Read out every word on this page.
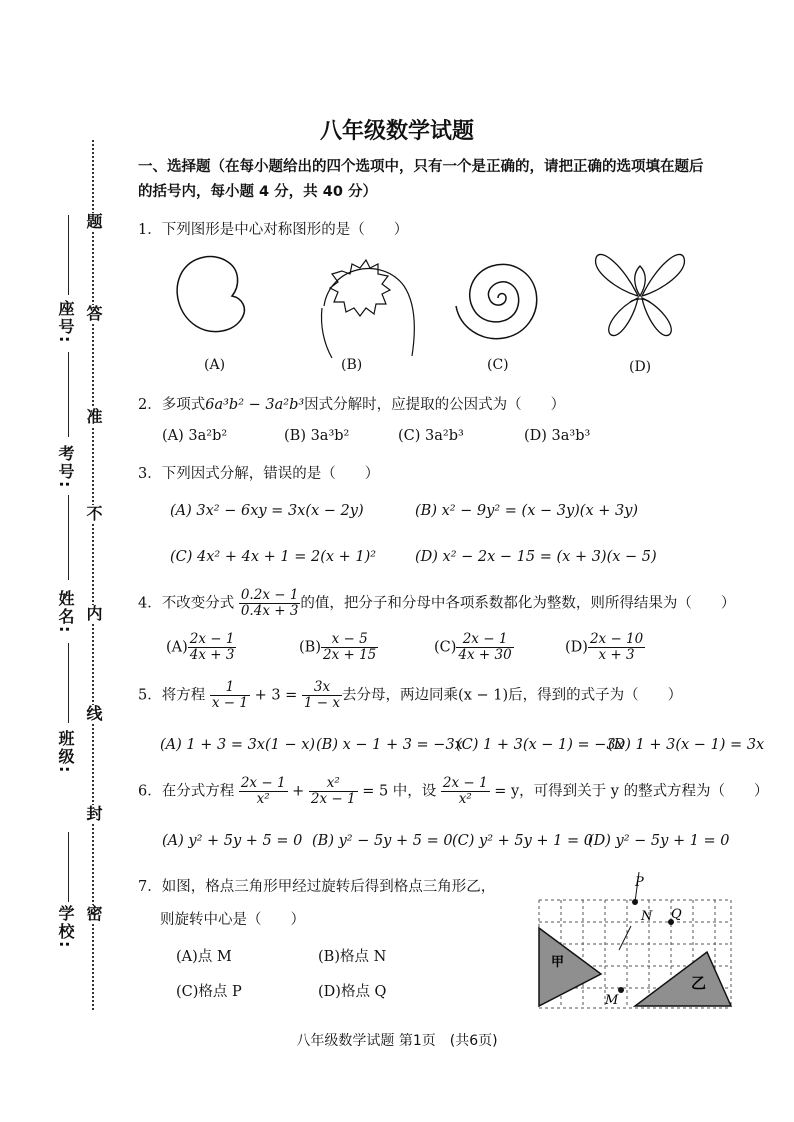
密
封
线
内
不
准
答
题
学校:
班级:
姓名:
考号:
座号:
八年级数学试题
一、选择题（在每小题给出的四个选项中，只有一个是正确的，请把正确的选项填在题后
的括号内，每小题 4 分，共 40 分）
1．下列图形是中心对称图形的是（　　）
(A)	(B)	(C)	(D)
2．多项式6a³b² − 3a²b³因式分解时，应提取的公因式为（　　）
(A) 3a²b²	(B) 3a³b²	(C) 3a²b³	(D) 3a³b³
3．下列因式分解，错误的是（　　）
(A) 3x² − 6xy = 3x(x − 2y)	(B) x² − 9y² = (x − 3y)(x + 3y)
(C) 4x² + 4x + 1 = 2(x + 1)²	(D) x² − 2x − 15 = (x + 3)(x − 5)
4．不改变分式 $\frac{0.2x - 1}{0.4x + 3}$ 的值，把分子和分母中各项系数都化为整数，则所得结果为（　　）
$(A) \frac{2x - 1}{4x + 3}$	$(B) \frac{x - 5}{2x + 15}$	$(C) \frac{2x - 1}{4x + 30}$	$(D) \frac{2x - 10}{x + 3}$
5．将方程 $\frac{1}{x - 1} + 3 = \frac{3x}{1 - x}$ 去分母，两边同乘(x − 1)后，得到的式子为（　　）
(A) 1 + 3 = 3x(1 − x) (B) x − 1 + 3 = −3x
(C) 1 + 3(x − 1) = −3x
(D) 1 + 3(x − 1) = 3x
6．在分式方程 $\frac{2x - 1}{\text{x²}} + \frac{\text{x²}}{2x - 1} = 5$ 中，设 $\frac{2x - 1}{\text{x²}} = y$，可得到关于 y 的整式方程为（　　）
(A) y² + 5y + 5 = 0 (B) y² − 5y + 5 = 0 (C) y² + 5y + 1 = 0
(D) y² − 5y + 1 = 0
7．如图，格点三角形甲经过旋转后得到格点三角形乙，
则旋转中心是（　　）
(A)点 M	(B)格点 N
(C)格点 P	(D)格点 Q
甲
乙
P
N Q
M
八年级数学试题 第1页　(共6页)
